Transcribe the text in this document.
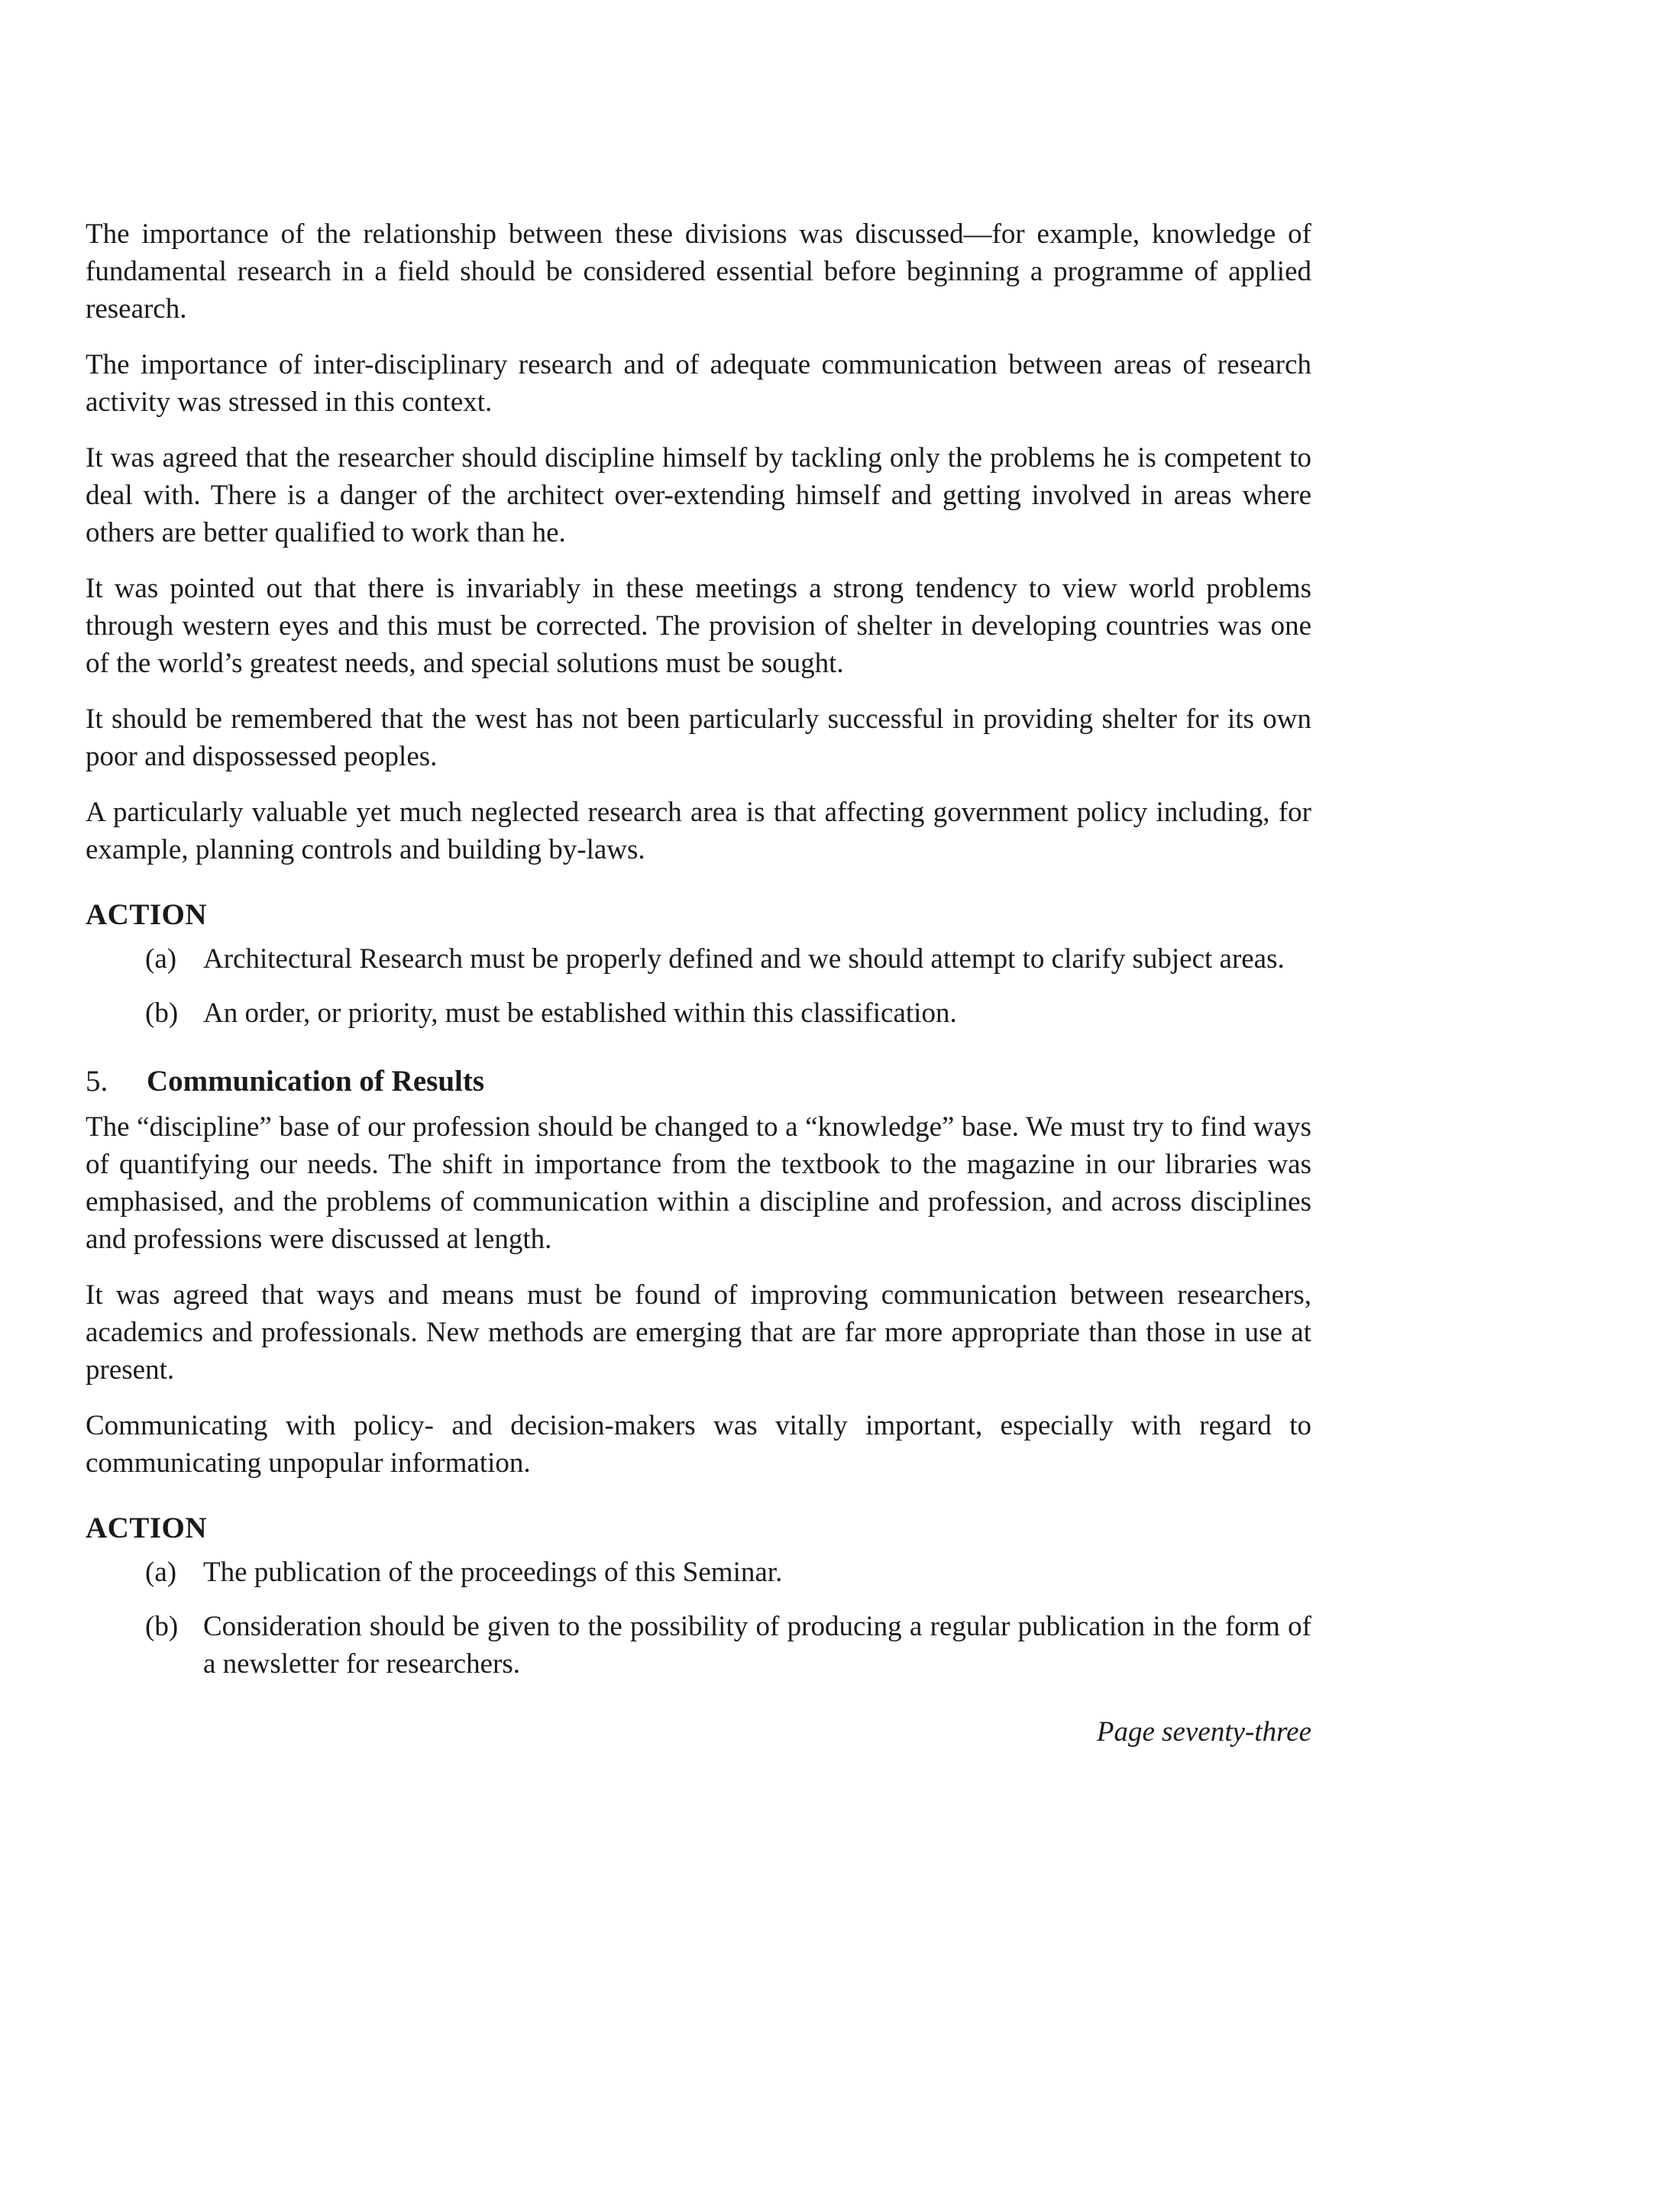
The importance of the relationship between these divisions was discussed—for example, knowledge of fundamental research in a field should be considered essential before beginning a programme of applied research.

The importance of inter-disciplinary research and of adequate communication between areas of research activity was stressed in this context.

It was agreed that the researcher should discipline himself by tackling only the problems he is competent to deal with. There is a danger of the architect over-extending himself and getting involved in areas where others are better qualified to work than he.

It was pointed out that there is invariably in these meetings a strong tendency to view world problems through western eyes and this must be corrected. The provision of shelter in developing countries was one of the world’s greatest needs, and special solutions must be sought.

It should be remembered that the west has not been particularly successful in providing shelter for its own poor and dispossessed peoples.

A particularly valuable yet much neglected research area is that affecting government policy including, for example, planning controls and building by-laws.

ACTION
(a) Architectural Research must be properly defined and we should attempt to clarify subject areas.
(b) An order, or priority, must be established within this classification.
5. Communication of Results

The “discipline” base of our profession should be changed to a “knowledge” base. We must try to find ways of quantifying our needs. The shift in importance from the textbook to the magazine in our libraries was emphasised, and the problems of communication within a discipline and profession, and across disciplines and professions were discussed at length.

It was agreed that ways and means must be found of improving communication between researchers, academics and professionals. New methods are emerging that are far more appropriate than those in use at present.

Communicating with policy- and decision-makers was vitally important, especially with regard to communicating unpopular information.

ACTION
(a) The publication of the proceedings of this Seminar.
(b) Consideration should be given to the possibility of producing a regular publication in the form of a newsletter for researchers.
Page seventy-three
